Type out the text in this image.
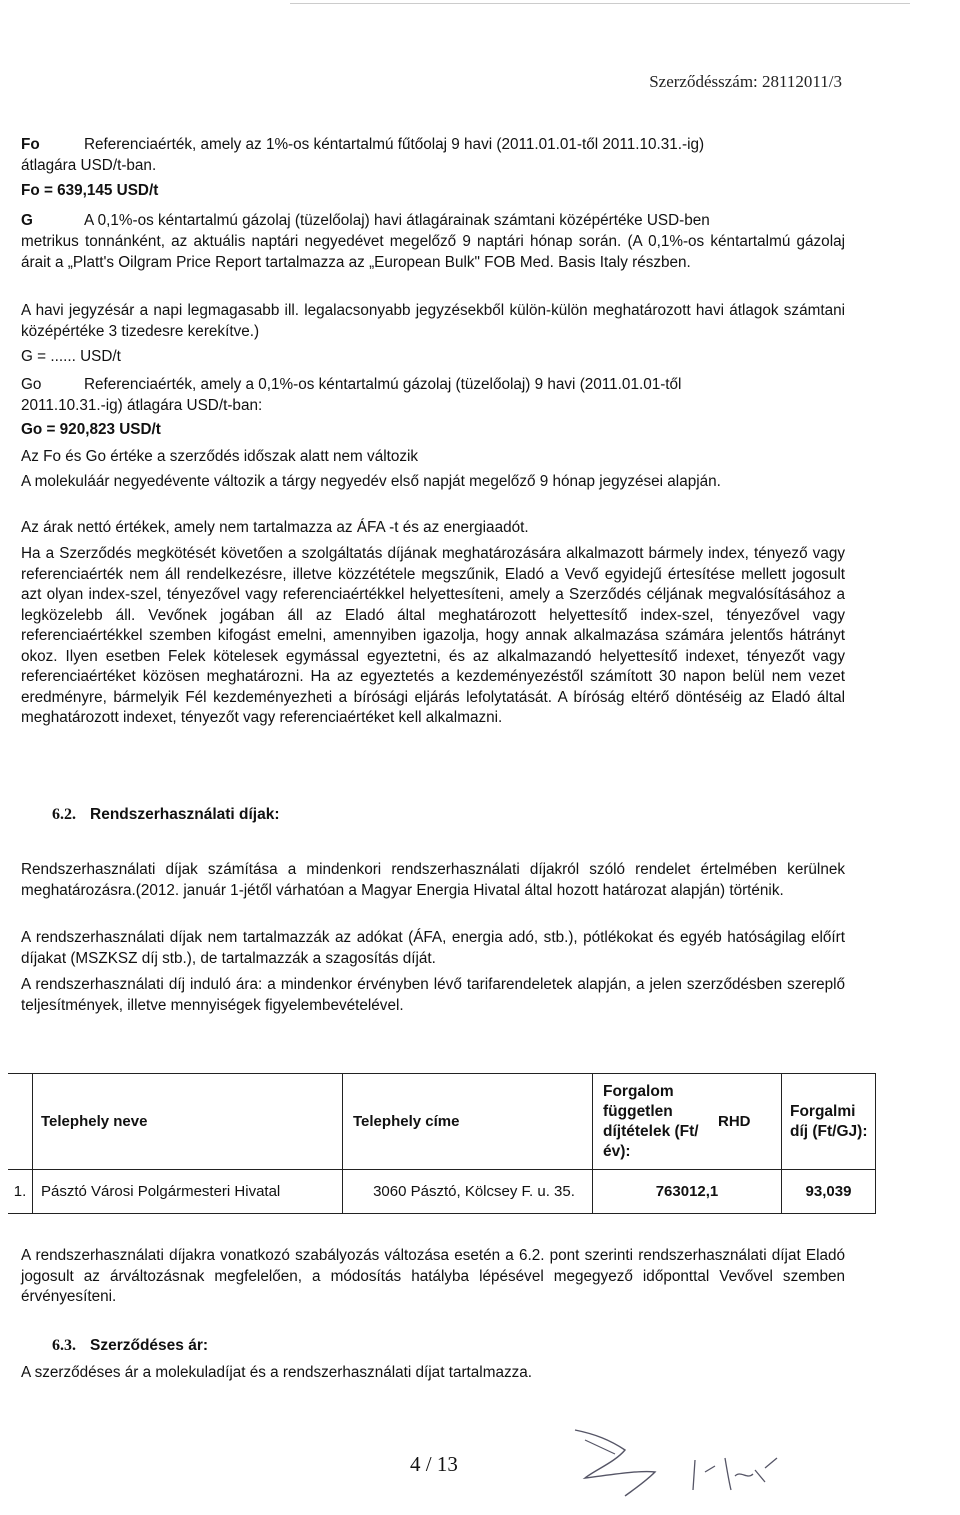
Szerződésszám: 28112011/3
Fo	Referenciaérték, amely az 1%-os kéntartalmú fűtőolaj 9 havi (2011.01.01-től 2011.10.31.-ig)
átlagára USD/t-ban.
Fo = 639,145 USD/t
G	A 0,1%-os kéntartalmú gázolaj (tüzelőolaj) havi átlagárainak számtani középértéke USD-ben
metrikus tonnánként, az aktuális naptári negyedévet megelőző 9 naptári hónap során. (A 0,1%-os kéntartalmú gázolaj árait a „Platt's Oilgram Price Report tartalmazza az „European Bulk" FOB Med. Basis Italy részben.
A havi jegyzésár a napi legmagasabb ill. legalacsonyabb jegyzésekből külön-külön meghatározott havi átlagok számtani középértéke 3 tizedesre kerekítve.)
G = ...... USD/t
Go	Referenciaérték, amely a 0,1%-os kéntartalmú gázolaj (tüzelőolaj) 9 havi (2011.01.01-től
2011.10.31.-ig) átlagára USD/t-ban:
Go = 920,823 USD/t
Az Fo és Go értéke a szerződés időszak alatt nem változik
A molekuláár negyedévente változik a tárgy negyedév első napját megelőző 9 hónap jegyzései alapján.
Az árak nettó értékek, amely nem tartalmazza az ÁFA -t és az energiaadót.
Ha a Szerződés megkötését követően a szolgáltatás díjának meghatározására alkalmazott bármely index, tényező vagy referenciaérték nem áll rendelkezésre, illetve közzététele megszűnik, Eladó a Vevő egyidejű értesítése mellett jogosult azt olyan index-szel, tényezővel vagy referenciaértékkel helyettesíteni, amely a Szerződés céljának megvalósításához a legközelebb áll. Vevőnek jogában áll az Eladó által meghatározott helyettesítő index-szel, tényezővel vagy referenciaértékkel szemben kifogást emelni, amennyiben igazolja, hogy annak alkalmazása számára jelentős hátrányt okoz. Ilyen esetben Felek kötelesek egymással egyeztetni, és az alkalmazandó helyettesítő indexet, tényezőt vagy referenciaértéket közösen meghatározni. Ha az egyeztetés a kezdeményezéstől számított 30 napon belül nem vezet eredményre, bármelyik Fél kezdeményezheti a bírósági eljárás lefolytatását. A bíróság eltérő döntéséig az Eladó által meghatározott indexet, tényezőt vagy referenciaértéket kell alkalmazni.
6.2. Rendszerhasználati díjak:
Rendszerhasználati díjak számítása a mindenkori rendszerhasználati díjakról szóló rendelet értelmében kerülnek meghatározásra.(2012. január 1-jétől várhatóan a Magyar Energia Hivatal által hozott határozat alapján) történik.
A rendszerhasználati díjak nem tartalmazzák az adókat (ÁFA, energia adó, stb.), pótlékokat és egyéb hatóságilag előírt díjakat (MSZKSZ díj stb.), de tartalmazzák a szagosítás díját.
A rendszerhasználati díj induló ára: a mindenkor érvényben lévő tarifarendeletek alapján, a jelen szerződésben szereplő teljesítmények, illetve mennyiségek figyelembevételével.
	Telephely neve	Telephely címe	Forgalom független díjtételek (Ft/év):	RHD	Forgalmi díj (Ft/GJ):
1.	Pásztó Városi Polgármesteri Hivatal	3060 Pásztó, Kölcsey F. u. 35.	763012,1		93,039
A rendszerhasználati díjakra vonatkozó szabályozás változása esetén a 6.2. pont szerinti rendszerhasználati díjat Eladó jogosult az árváltozásnak megfelelően, a módosítás hatályba lépésével megegyező időponttal Vevővel szemben érvényesíteni.
6.3. Szerződéses ár:
A szerződéses ár a molekuladíjat és a rendszerhasználati díjat tartalmazza.
4 / 13
